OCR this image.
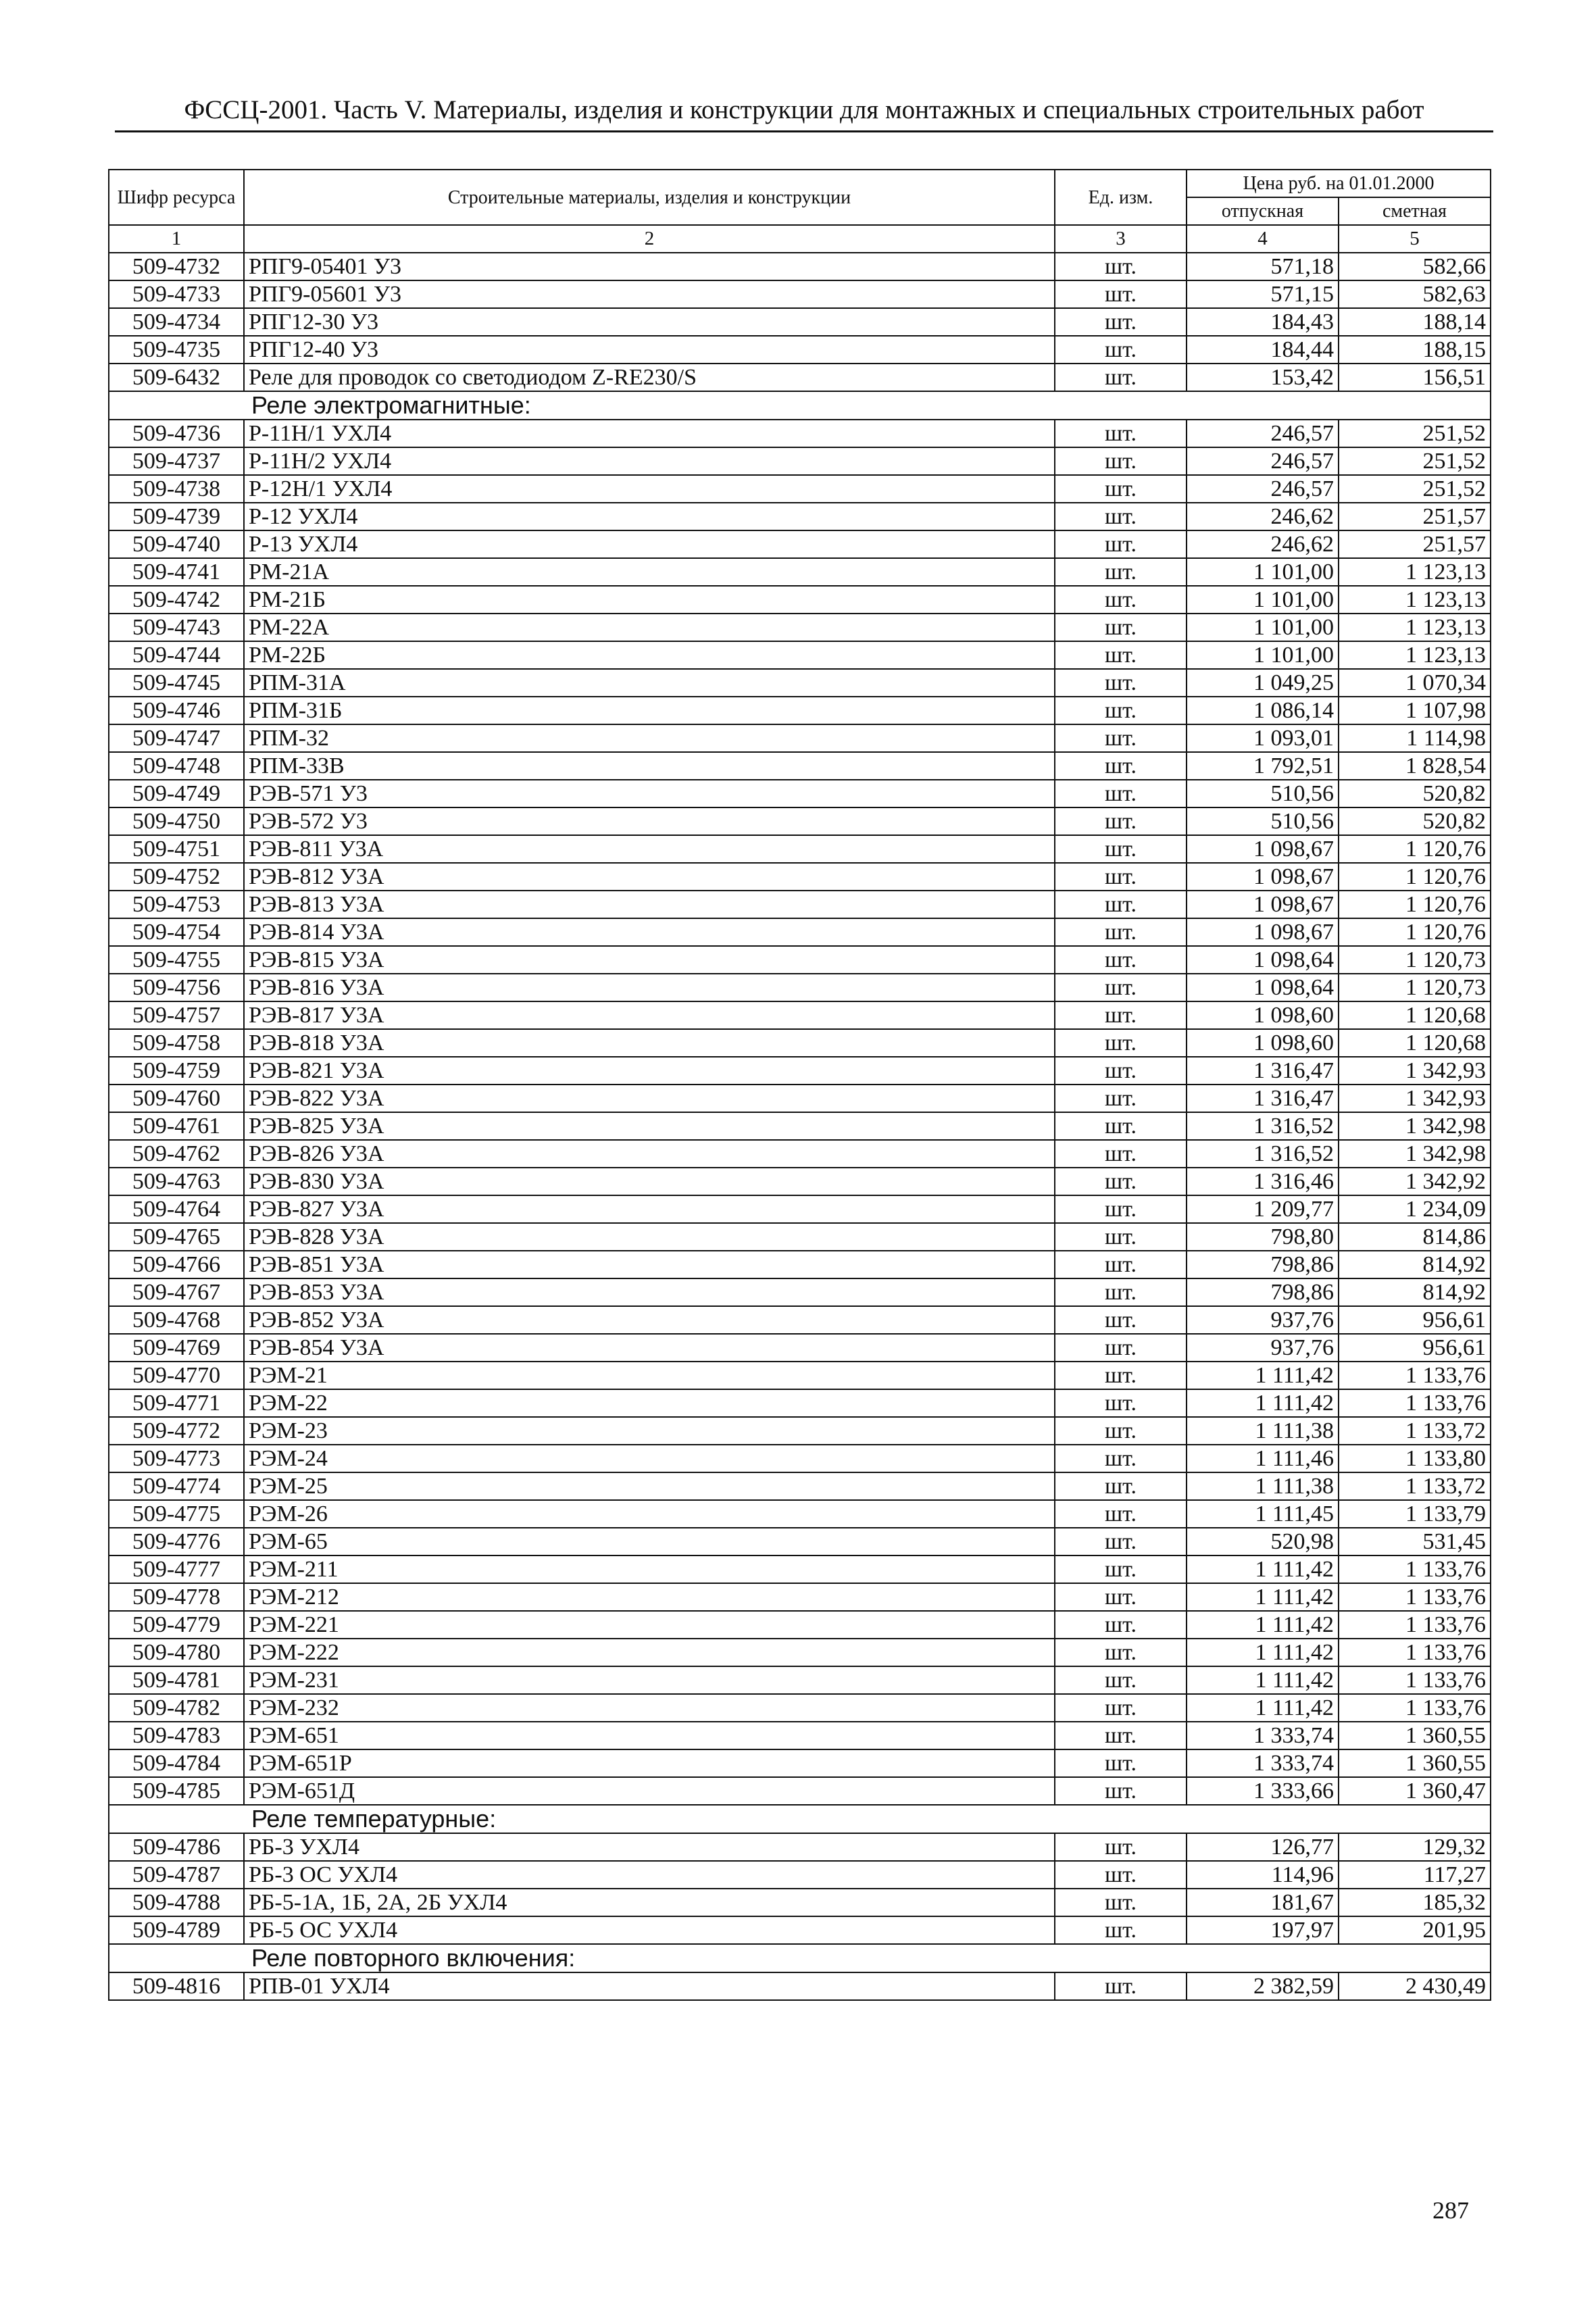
ФССЦ-2001. Часть V. Материалы, изделия и конструкции для монтажных и специальных строительных работ
Шифр ресурса	Строительные материалы, изделия и конструкции	Ед. изм.	Цена руб. на 01.01.2000	
			отпускная	сметная
1	2	3	4	5
509-4732	РПГ9-05401 У3	шт.	571,18	582,66
509-4733	РПГ9-05601 У3	шт.	571,15	582,63
509-4734	РПГ12-30 У3	шт.	184,43	188,14
509-4735	РПГ12-40 У3	шт.	184,44	188,15
509-6432	Реле для проводок со светодиодом Z-RE230/S	шт.	153,42	156,51
Реле электромагнитные:				
509-4736	Р-11Н/1 УХЛ4	шт.	246,57	251,52
509-4737	Р-11Н/2 УХЛ4	шт.	246,57	251,52
509-4738	Р-12Н/1 УХЛ4	шт.	246,57	251,52
509-4739	Р-12 УХЛ4	шт.	246,62	251,57
509-4740	Р-13 УХЛ4	шт.	246,62	251,57
509-4741	РМ-21А	шт.	1 101,00	1 123,13
509-4742	РМ-21Б	шт.	1 101,00	1 123,13
509-4743	РМ-22А	шт.	1 101,00	1 123,13
509-4744	РМ-22Б	шт.	1 101,00	1 123,13
509-4745	РПМ-31А	шт.	1 049,25	1 070,34
509-4746	РПМ-31Б	шт.	1 086,14	1 107,98
509-4747	РПМ-32	шт.	1 093,01	1 114,98
509-4748	РПМ-33В	шт.	1 792,51	1 828,54
509-4749	РЭВ-571 У3	шт.	510,56	520,82
509-4750	РЭВ-572 У3	шт.	510,56	520,82
509-4751	РЭВ-811 У3А	шт.	1 098,67	1 120,76
509-4752	РЭВ-812 У3А	шт.	1 098,67	1 120,76
509-4753	РЭВ-813 У3А	шт.	1 098,67	1 120,76
509-4754	РЭВ-814 У3А	шт.	1 098,67	1 120,76
509-4755	РЭВ-815 У3А	шт.	1 098,64	1 120,73
509-4756	РЭВ-816 У3А	шт.	1 098,64	1 120,73
509-4757	РЭВ-817 У3А	шт.	1 098,60	1 120,68
509-4758	РЭВ-818 У3А	шт.	1 098,60	1 120,68
509-4759	РЭВ-821 У3А	шт.	1 316,47	1 342,93
509-4760	РЭВ-822 У3А	шт.	1 316,47	1 342,93
509-4761	РЭВ-825 У3А	шт.	1 316,52	1 342,98
509-4762	РЭВ-826 У3А	шт.	1 316,52	1 342,98
509-4763	РЭВ-830 У3А	шт.	1 316,46	1 342,92
509-4764	РЭВ-827 У3А	шт.	1 209,77	1 234,09
509-4765	РЭВ-828 У3А	шт.	798,80	814,86
509-4766	РЭВ-851 У3А	шт.	798,86	814,92
509-4767	РЭВ-853 У3А	шт.	798,86	814,92
509-4768	РЭВ-852 У3А	шт.	937,76	956,61
509-4769	РЭВ-854 У3А	шт.	937,76	956,61
509-4770	РЭМ-21	шт.	1 111,42	1 133,76
509-4771	РЭМ-22	шт.	1 111,42	1 133,76
509-4772	РЭМ-23	шт.	1 111,38	1 133,72
509-4773	РЭМ-24	шт.	1 111,46	1 133,80
509-4774	РЭМ-25	шт.	1 111,38	1 133,72
509-4775	РЭМ-26	шт.	1 111,45	1 133,79
509-4776	РЭМ-65	шт.	520,98	531,45
509-4777	РЭМ-211	шт.	1 111,42	1 133,76
509-4778	РЭМ-212	шт.	1 111,42	1 133,76
509-4779	РЭМ-221	шт.	1 111,42	1 133,76
509-4780	РЭМ-222	шт.	1 111,42	1 133,76
509-4781	РЭМ-231	шт.	1 111,42	1 133,76
509-4782	РЭМ-232	шт.	1 111,42	1 133,76
509-4783	РЭМ-651	шт.	1 333,74	1 360,55
509-4784	РЭМ-651Р	шт.	1 333,74	1 360,55
509-4785	РЭМ-651Д	шт.	1 333,66	1 360,47
Реле температурные:				
509-4786	РБ-3 УХЛ4	шт.	126,77	129,32
509-4787	РБ-3 ОС УХЛ4	шт.	114,96	117,27
509-4788	РБ-5-1А, 1Б, 2А, 2Б УХЛ4	шт.	181,67	185,32
509-4789	РБ-5 ОС УХЛ4	шт.	197,97	201,95
Реле повторного включения:				
509-4816	РПВ-01 УХЛ4	шт.	2 382,59	2 430,49
287
